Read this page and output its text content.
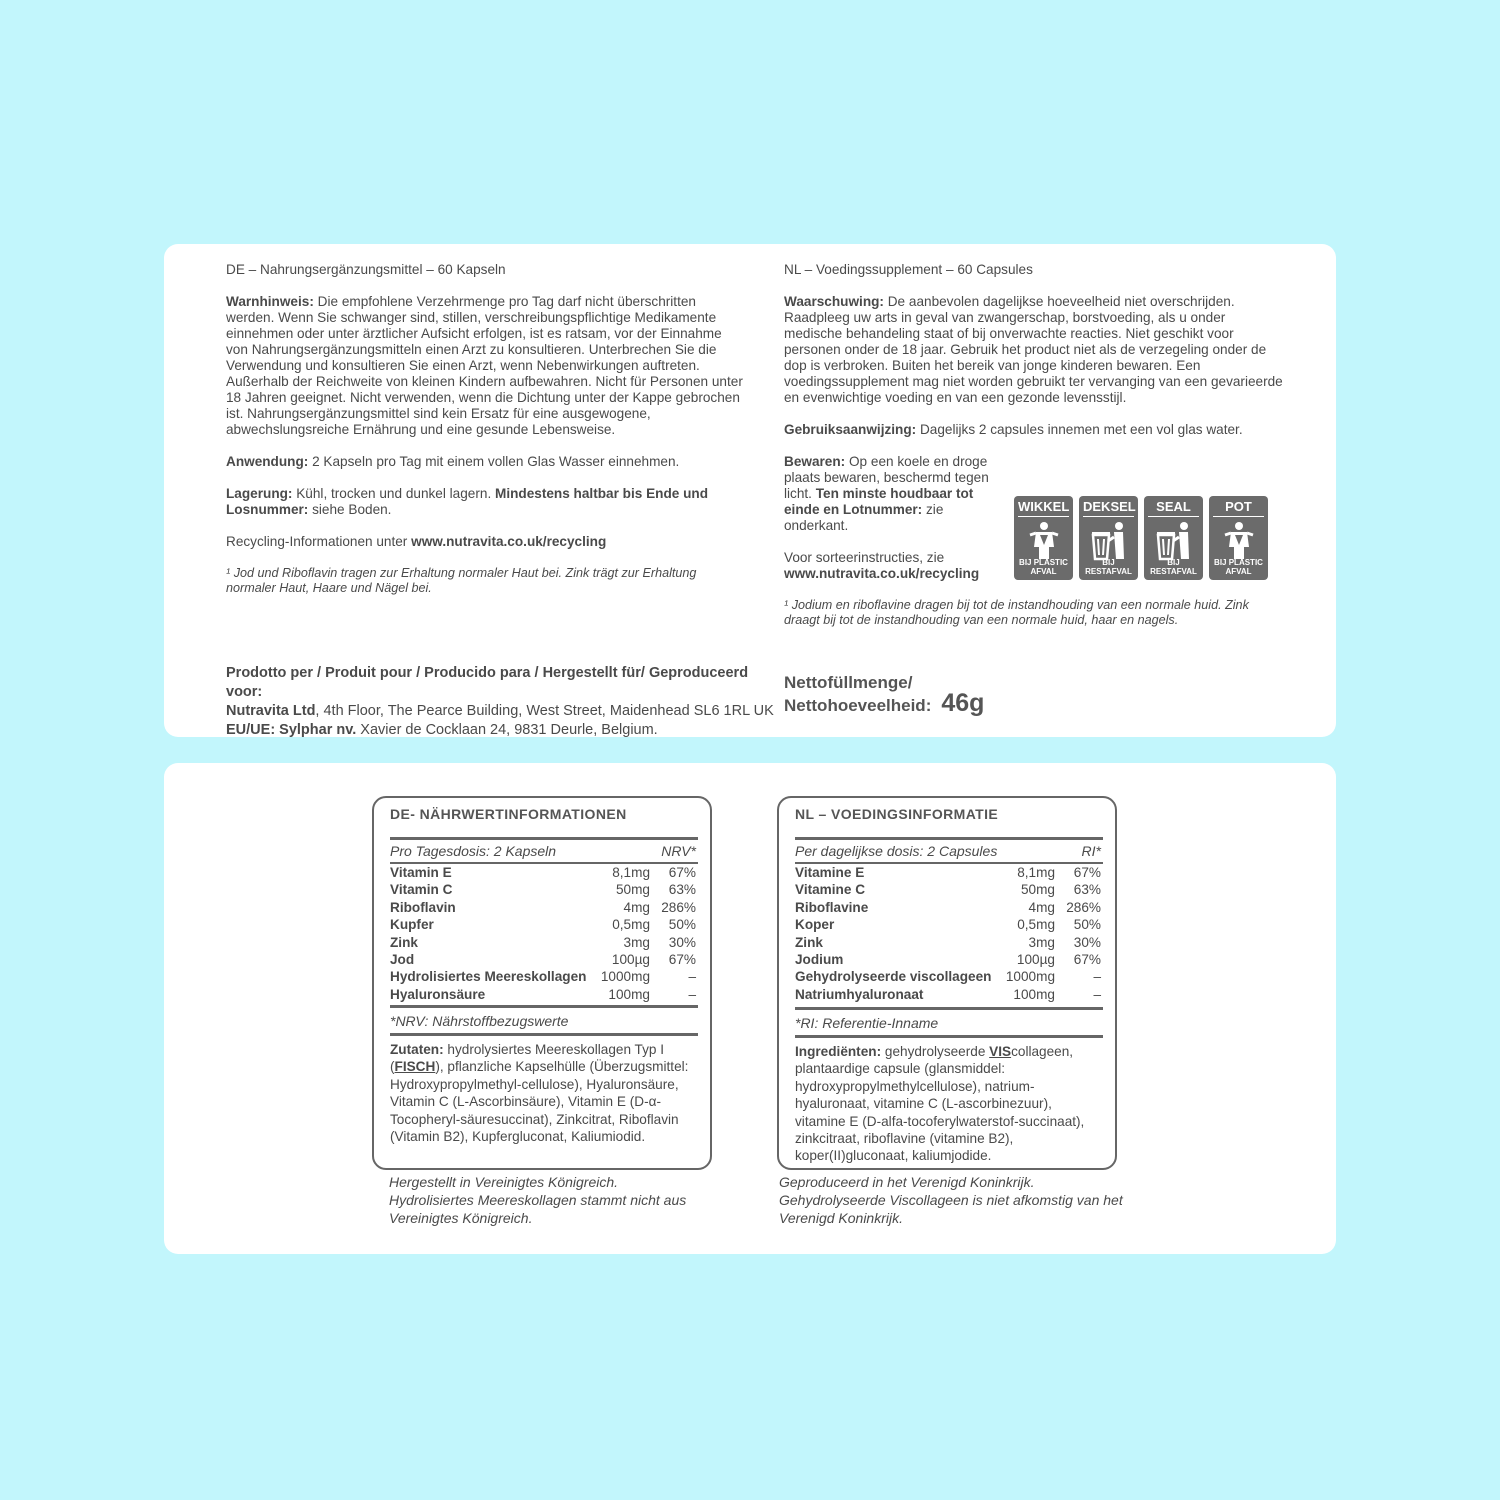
DE – Nahrungsergänzungsmittel – 60 Kapseln

Warnhinweis: Die empfohlene Verzehrmenge pro Tag darf nicht überschritten werden. Wenn Sie schwanger sind, stillen, verschreibungspflichtige Medikamente einnehmen oder unter ärztlicher Aufsicht erfolgen, ist es ratsam, vor der Einnahme von Nahrungsergänzungsmitteln einen Arzt zu konsultieren. Unterbrechen Sie die Verwendung und konsultieren Sie einen Arzt, wenn Nebenwirkungen auftreten. Außerhalb der Reichweite von kleinen Kindern aufbewahren. Nicht für Personen unter 18 Jahren geeignet. Nicht verwenden, wenn die Dichtung unter der Kappe gebrochen ist. Nahrungsergänzungsmittel sind kein Ersatz für eine ausgewogene, abwechslungsreiche Ernährung und eine gesunde Lebensweise.

Anwendung: 2 Kapseln pro Tag mit einem vollen Glas Wasser einnehmen.

Lagerung: Kühl, trocken und dunkel lagern. Mindestens haltbar bis Ende und Losnummer: siehe Boden.

Recycling-Informationen unter www.nutravita.co.uk/recycling

¹ Jod und Riboflavin tragen zur Erhaltung normaler Haut bei. Zink trägt zur Erhaltung normaler Haut, Haare und Nägel bei.

NL – Voedingssupplement – 60 Capsules

Waarschuwing: De aanbevolen dagelijkse hoeveelheid niet overschrijden. Raadpleeg uw arts in geval van zwangerschap, borstvoeding, als u onder medische behandeling staat of bij onverwachte reacties. Niet geschikt voor personen onder de 18 jaar. Gebruik het product niet als de verzegeling onder de dop is verbroken. Buiten het bereik van jonge kinderen bewaren. Een voedingssupplement mag niet worden gebruikt ter vervanging van een gevarieerde en evenwichtige voeding en van een gezonde levensstijl.

Gebruiksaanwijzing: Dagelijks 2 capsules innemen met een vol glas water.

Bewaren: Op een koele en droge plaats bewaren, beschermd tegen licht. Ten minste houdbaar tot einde en Lotnummer: zie onderkant.

Voor sorteerinstructies, zie
www.nutravita.co.uk/recycling

¹ Jodium en riboflavine dragen bij tot de instandhouding van een normale huid. Zink draagt bij tot de instandhouding van een normale huid, haar en nagels.

WIKKEL
BIJ PLASTIC
AFVAL
DEKSEL
BIJ
RESTAFVAL
SEAL
BIJ
RESTAFVAL
POT
BIJ PLASTIC
AFVAL
Prodotto per / Produit pour / Producido para / Hergestellt für/ Geproduceerd voor:
Nutravita Ltd, 4th Floor, The Pearce Building, West Street, Maidenhead SL6 1RL UK
EU/UE: Sylphar nv. Xavier de Cocklaan 24, 9831 Deurle, Belgium.
Nettofüllmenge/
Nettohoeveelheid: 46g
DE- NÄHRWERTINFORMATIONEN
Pro Tagesdosis: 2 Kapseln	NRV*
Vitamin E	8,1mg 67%
Vitamin C	50mg 63%
Riboflavin	4mg 286%
Kupfer	0,5mg 50%
Zink	3mg 30%
Jod	100µg 67%
Hydrolisiertes Meereskollagen 1000mg	–
Hyaluronsäure	100mg	–
*NRV: Nährstoffbezugswerte
Zutaten: hydrolysiertes Meereskollagen Typ I (FISCH), pflanzliche Kapselhülle (Überzugsmittel: Hydroxypropylmethyl-cellulose), Hyaluronsäure, Vitamin C (L-Ascorbinsäure), Vitamin E (D-α-Tocopheryl-säuresuccinat), Zinkcitrat, Riboflavin (Vitamin B2), Kupfergluconat, Kaliumiodid.
Hergestellt in Vereinigtes Königreich. Hydrolisiertes Meereskollagen stammt nicht aus Vereinigtes Königreich.
NL – VOEDINGSINFORMATIE
Per dagelijkse dosis: 2 Capsules	RI*
Vitamine E	8,1mg 67%
Vitamine C	50mg 63%
Riboflavine	4mg 286%
Koper	0,5mg 50%
Zink	3mg 30%
Jodium	100µg 67%
Gehydrolyseerde viscollageen 1000mg	–
Natriumhyaluronaat	100mg	–
*RI: Referentie-Inname
Ingrediënten: gehydrolyseerde VIScollageen, plantaardige capsule (glansmiddel: hydroxypropylmethylcellulose), natrium-hyaluronaat, vitamine C (L-ascorbinezuur), vitamine E (D-alfa-tocoferylwaterstof-succinaat), zinkcitraat, riboflavine (vitamine B2), koper(II)gluconaat, kaliumjodide.
Geproduceerd in het Verenigd Koninkrijk. Gehydrolyseerde Viscollageen is niet afkomstig van het Verenigd Koninkrijk.
